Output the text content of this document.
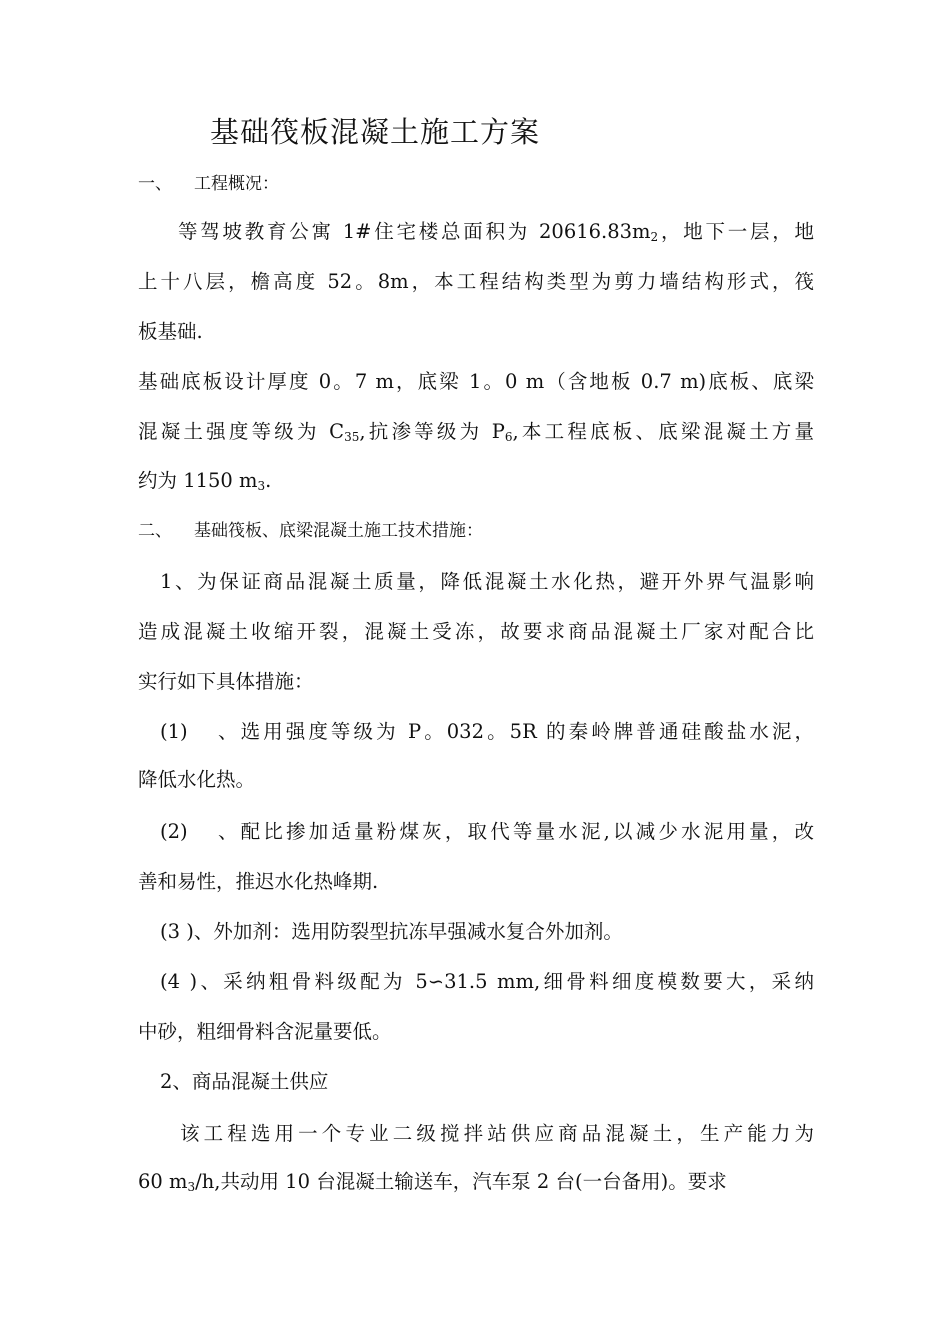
基础筏板混凝土施工方案
一、 工程概况：
等驾坡教育公寓 1#住宅楼总面积为 $20616.83m_2$，地下一层，地
上十八层，檐高度 52。8m，本工程结构类型为剪力墙结构形式，筏
板基础.
基础底板设计厚度 0。7 m，底梁 1。0 m（含地板 0.7 m)底板、底梁
混凝土强度等级为 $C_{35}$,抗渗等级为 $P_6$,本工程底板、底梁混凝土方量
约为 1150 $m_3$.
二、 基础筏板、底梁混凝土施工技术措施：
1、为保证商品混凝土质量，降低混凝土水化热，避开外界气温影响
造成混凝土收缩开裂，混凝土受冻，故要求商品混凝土厂家对配合比
实行如下具体措施：
(1)	、选用强度等级为 P。032。5R 的秦岭牌普通硅酸盐水泥，
降低水化热。
(2)	、配比掺加适量粉煤灰，取代等量水泥,以减少水泥用量，改
善和易性，推迟水化热峰期.
(3 )、外加剂：选用防裂型抗冻早强减水复合外加剂。
(4 )、采纳粗骨料级配为 5∽31.5 mm,细骨料细度模数要大，采纳
中砂，粗细骨料含泥量要低。
2、商品混凝土供应
该工程选用一个专业二级搅拌站供应商品混凝土，生产能力为
60 $m_3/h$,共动用 10 台混凝土输送车，汽车泵 2 台(一台备用)。要求
